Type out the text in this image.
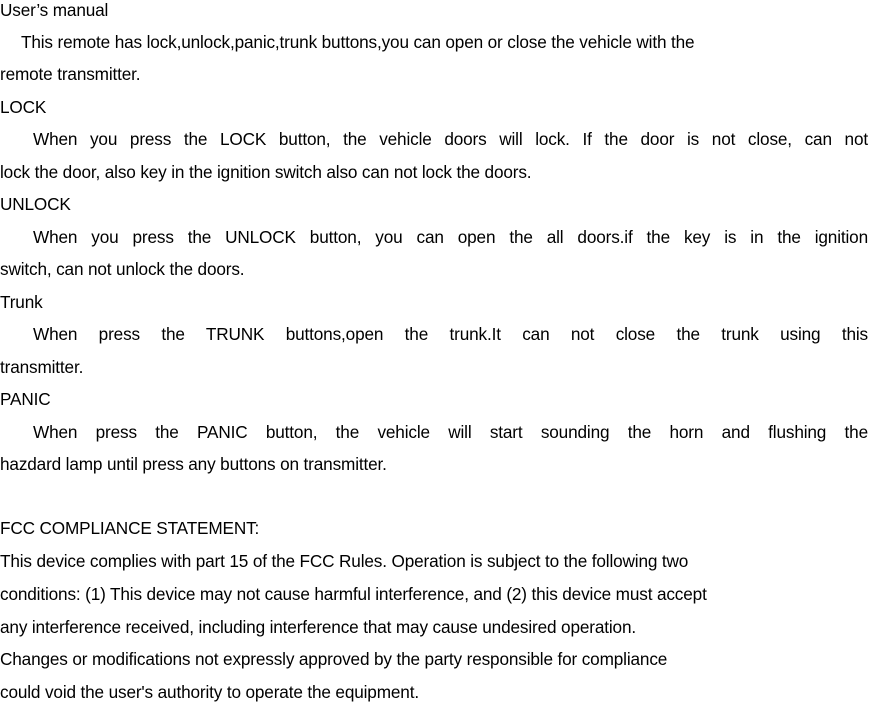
User’s manual
This remote has lock,unlock,panic,trunk buttons,you can open or close the vehicle with the
remote transmitter.
LOCK
When you press the LOCK button, the vehicle doors will lock. If the door is not close, can not
lock the door, also key in the ignition switch also can not lock the doors.
UNLOCK
When you press the UNLOCK button, you can open the all doors.if the key is in the ignition
switch, can not unlock the doors.
Trunk
When press the TRUNK buttons,open the trunk.It can not close the trunk using this
transmitter.
PANIC
When press the PANIC button, the vehicle will start sounding the horn and flushing the
hazdard lamp until press any buttons on transmitter.
FCC COMPLIANCE STATEMENT:
This device complies with part 15 of the FCC Rules. Operation is subject to the following two
conditions: (1) This device may not cause harmful interference, and (2) this device must accept
any interference received, including interference that may cause undesired operation.
Changes or modifications not expressly approved by the party responsible for compliance
could void the user's authority to operate the equipment.
